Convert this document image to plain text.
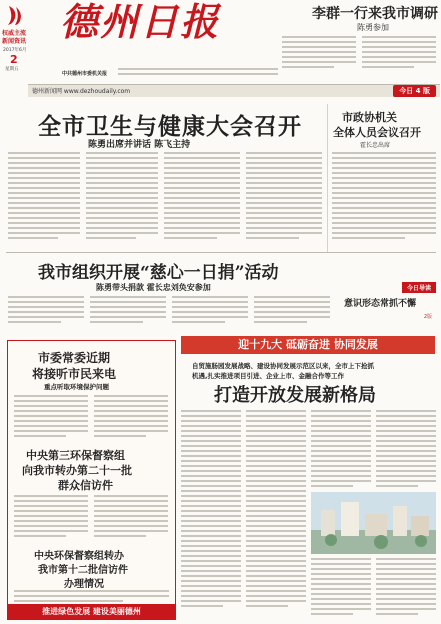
权威主流
新闻资讯
2017年6月
2
星期五
德州日报
中共德州市委机关报
李群一行来我市调研
陈勇参加
德州新闻网 www.dezhoudaily.com	今日 4 版
全市卫生与健康大会召开
陈勇出席并讲话 陈飞主持
市政协机关
全体人员会议召开
霍长忠出席
我市组织开展“慈心一日捐”活动
陈勇带头捐款 霍长忠刘奂安参加	今日导读
意识形态常抓不懈
2版
市委常委近期
将接听市民来电
重点听取环境保护问题
中央第三环保督察组
向我市转办第二十一批
群众信访件
中央环保督察组转办
我市第十二批信访件
办理情况
推进绿色发展 建设美丽德州
迎十九大 砥砺奋进 协同发展
自贸施肠园发展战略、建设协同发展示范区以来，全市上下抢抓
机遇,扎实推进项目引进、企业上市、金融合作等工作
打造开放发展新格局
